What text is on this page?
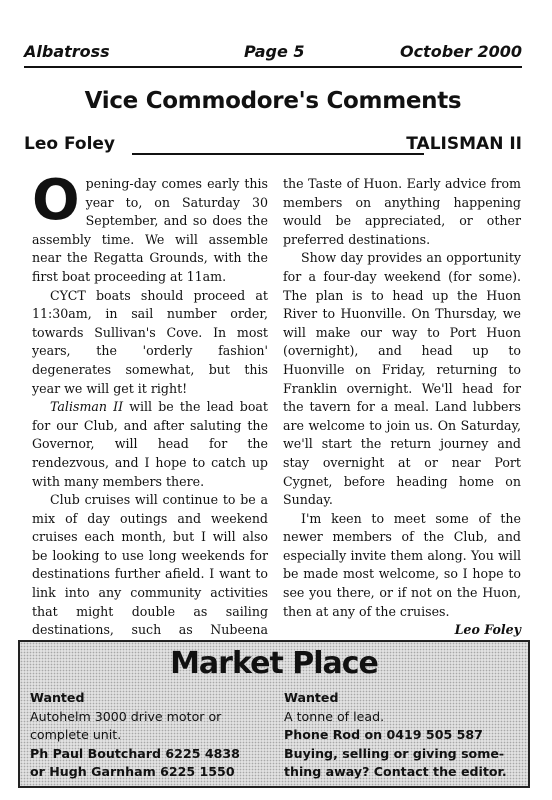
Albatross	Page 5	October 2000
Vice Commodore's Comments
Leo Foley	TALISMAN II

Opening-day comes early this year to, on Saturday 30 September, and so does the assembly time. We will assemble near the Regatta Grounds, with the first boat proceeding at 11am.

CYCT boats should proceed at 11:30am, in sail number order, towards Sullivan's Cove. In most years, the 'orderly fashion' degenerates somewhat, but this year we will get it right!

Talisman II will be the lead boat for our Club, and after saluting the Governor, will head for the rendezvous, and I hope to catch up with many members there.

Club cruises will continue to be a mix of day outings and weekend cruises each month, but I will also be looking to use long weekends for destinations further afield. I want to link into any community activities that might double as sailing destinations, such as Nubeena

the Taste of Huon. Early advice from members on anything happening would be appreciated, or other preferred destinations.

Show day provides an opportunity for a four-day weekend (for some). The plan is to head up the Huon River to Huonville. On Thursday, we will make our way to Port Huon (overnight), and head up to Huonville on Friday, returning to Franklin overnight. We'll head for the tavern for a meal. Land lubbers are welcome to join us. On Saturday, we'll start the return journey and stay overnight at or near Port Cygnet, before heading home on Sunday.

I'm keen to meet some of the newer members of the Club, and especially invite them along. You will be made most welcome, so I hope to see you there, or if not on the Huon, then at any of the cruises.

Leo Foley

Market Place
Wanted
Autohelm 3000 drive motor or
complete unit.
Ph Paul Boutchard 6225 4838
or Hugh Garnham 6225 1550
Wanted
A tonne of lead.
Phone Rod on 0419 505 587
Buying, selling or giving some-
thing away? Contact the editor.
